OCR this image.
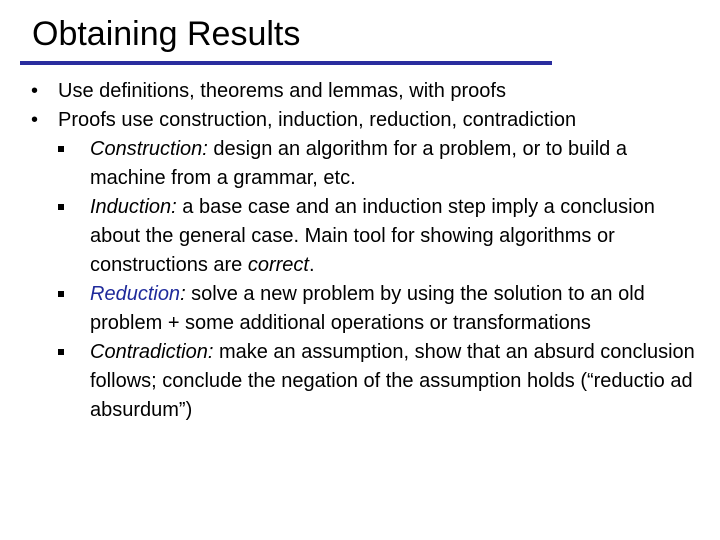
Obtaining Results
• Use definitions, theorems and lemmas, with proofs
• Proofs use construction, induction, reduction, contradiction
Construction: design an algorithm for a problem, or to build a machine from a grammar, etc.
Induction: a base case and an induction step imply a conclusion about the general case. Main tool for showing algorithms or constructions are correct.
Reduction: solve a new problem by using the solution to an old problem + some additional operations or transformations
Contradiction: make an assumption, show that an absurd conclusion follows; conclude the negation of the assumption holds (“reductio ad absurdum”)
